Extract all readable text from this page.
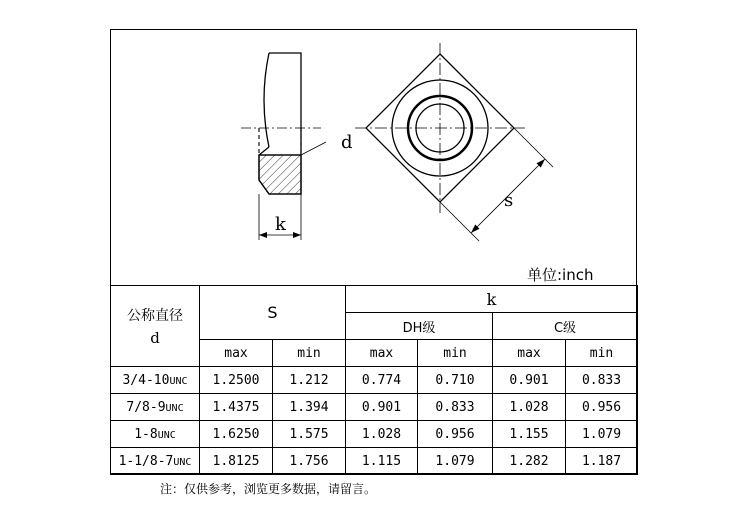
d
k
s
单位:inch
公称直径
d	S		k			
			DH级		C级	
	max	min	max	min	max	min
3/4-10UNC	1.2500	1.212	0.774	0.710	0.901	0.833
7/8-9UNC	1.4375	1.394	0.901	0.833	1.028	0.956
1-8UNC	1.6250	1.575	1.028	0.956	1.155	1.079
1-1/8-7UNC	1.8125	1.756	1.115	1.079	1.282	1.187
注：仅供参考，浏览更多数据，请留言。
